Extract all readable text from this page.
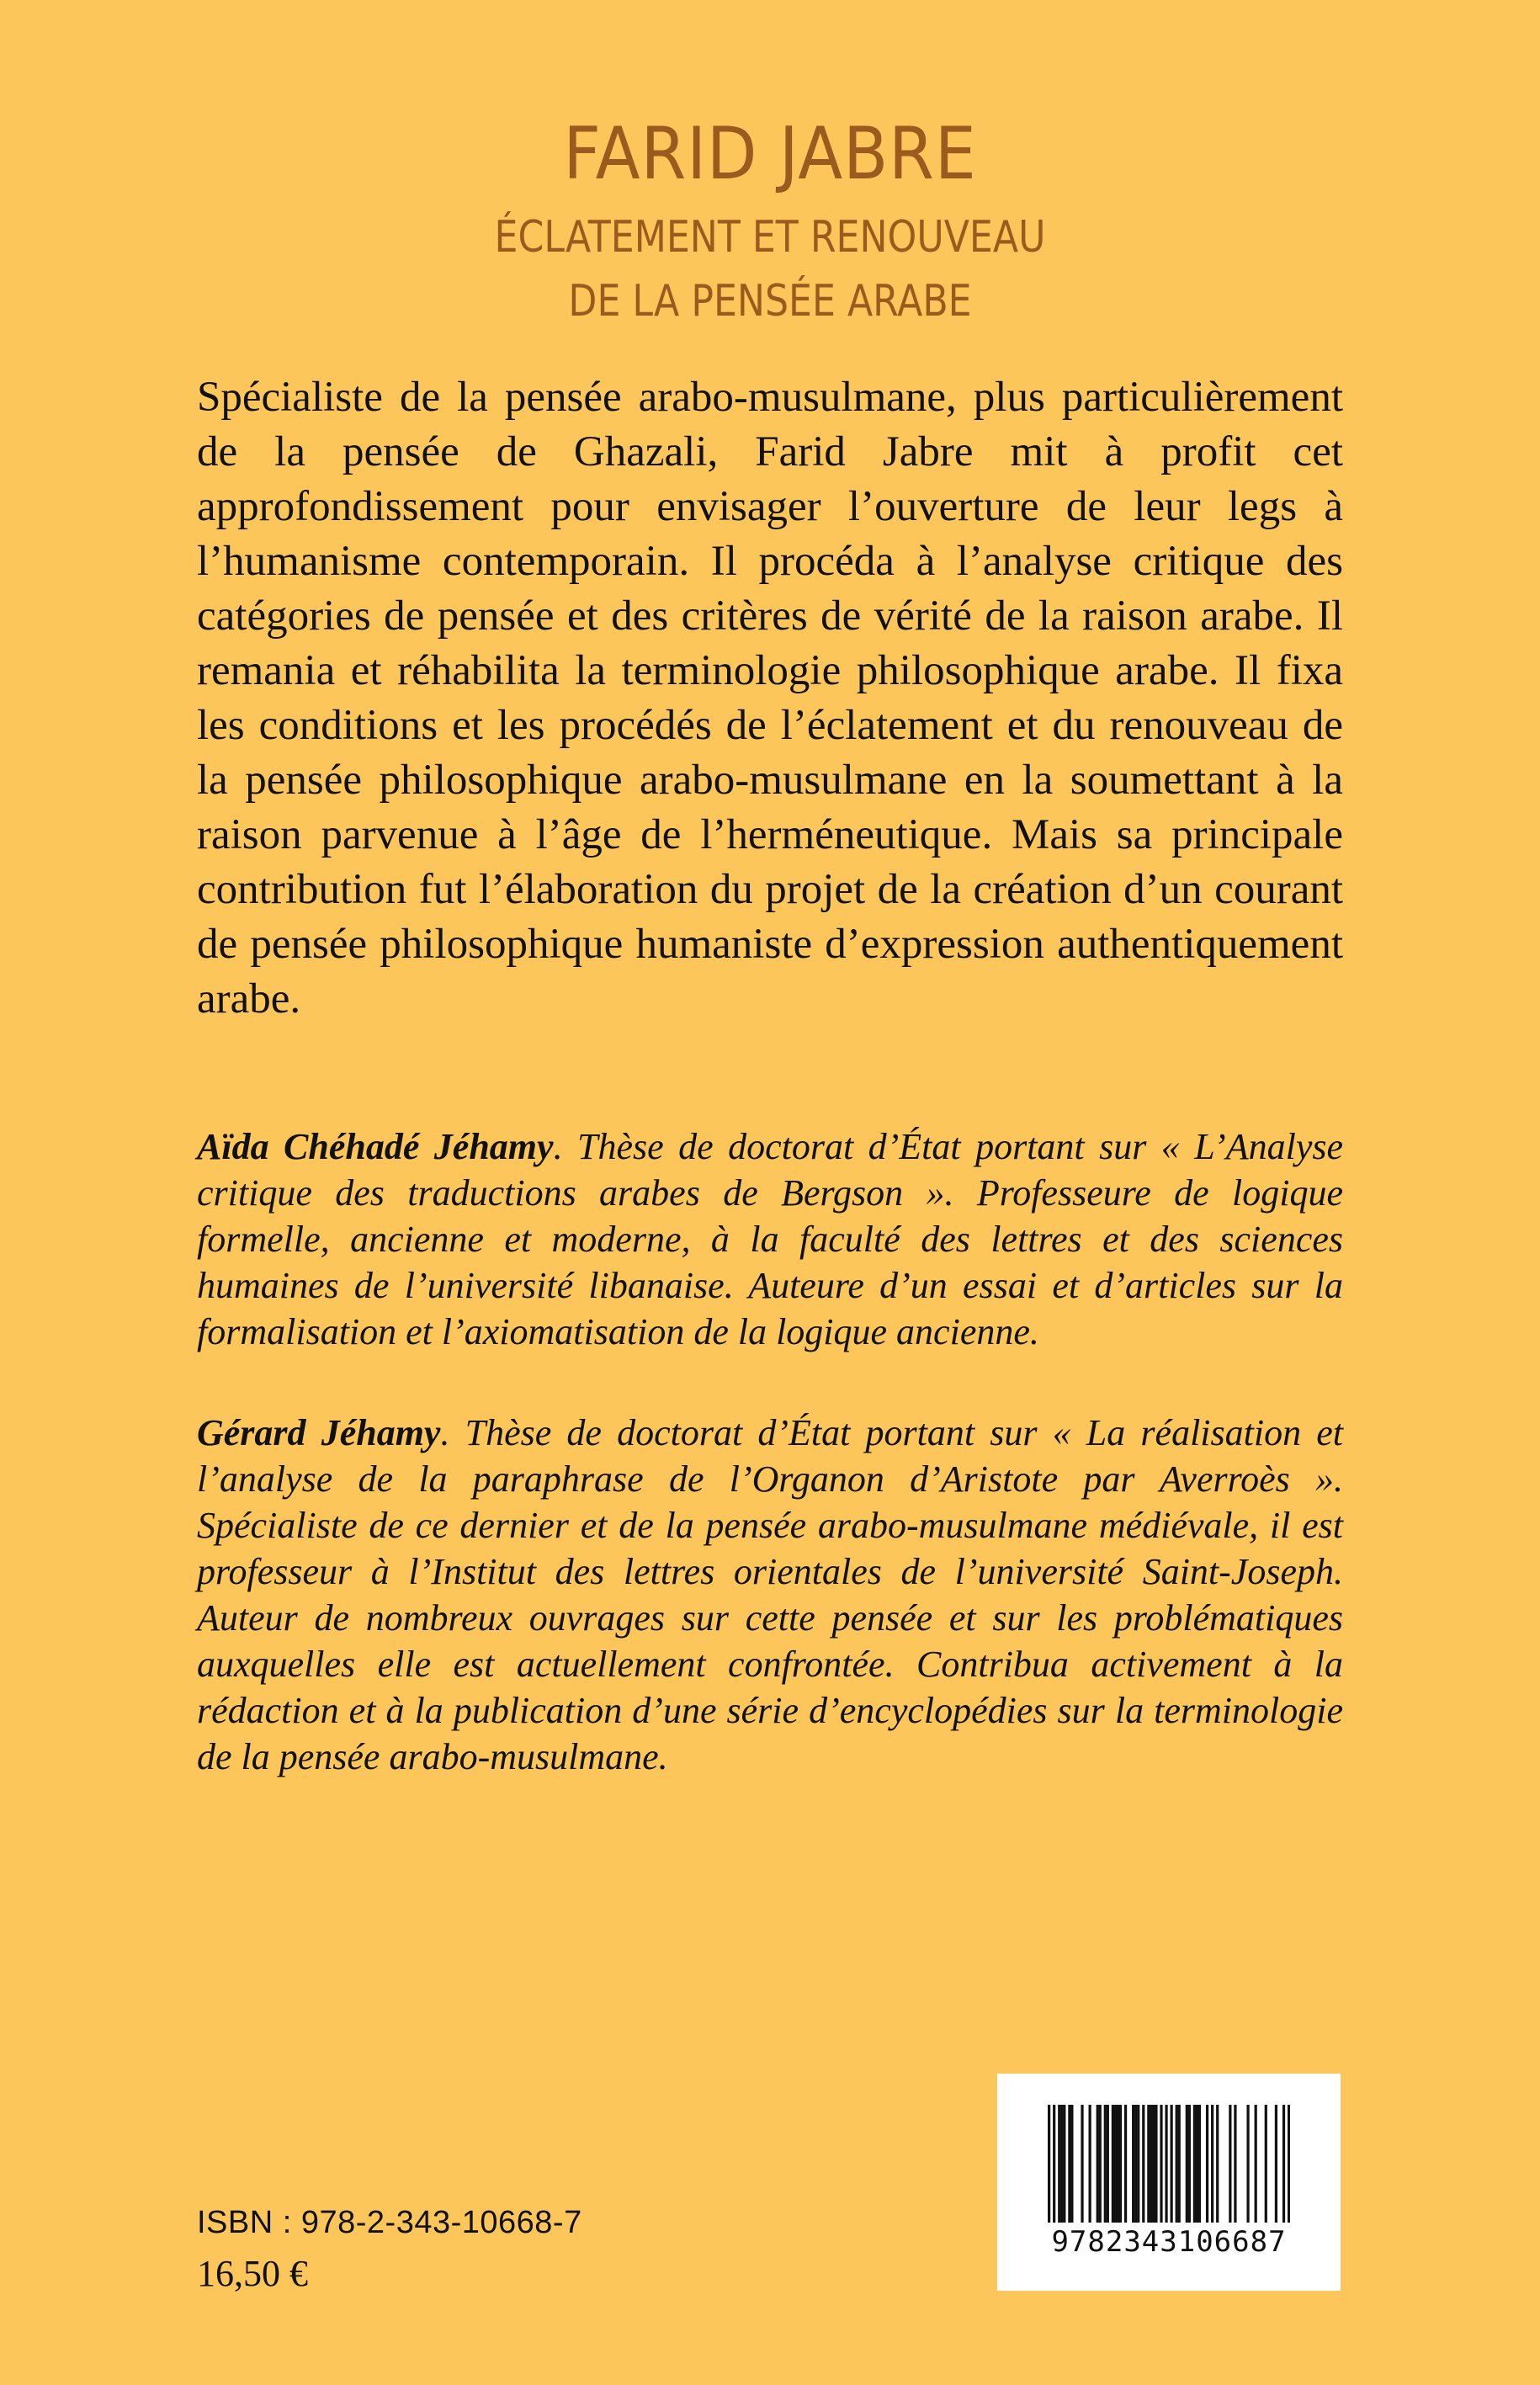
FARID JABRE
ÉCLATEMENT ET RENOUVEAU
DE LA PENSÉE ARABE

Spécialiste de la pensée arabo-musulmane, plus particulièrement de la pensée de Ghazali, Farid Jabre mit à profit cet approfondissement pour envisager l’ouverture de leur legs à l’humanisme contemporain. Il procéda à l’analyse critique des catégories de pensée et des critères de vérité de la raison arabe. Il remania et réhabilita la terminologie philosophique arabe. Il fixa les conditions et les procédés de l’éclatement et du renouveau de la pensée philosophique arabo-musulmane en la soumettant à la raison parvenue à l’âge de l’herméneutique. Mais sa principale contribution fut l’élaboration du projet de la création d’un courant de pensée philosophique humaniste d’expression authentiquement arabe.

Aïda Chéhadé Jéhamy. Thèse de doctorat d’État portant sur « L’Analyse critique des traductions arabes de Bergson ». Professeure de logique formelle, ancienne et moderne, à la faculté des lettres et des sciences humaines de l’université libanaise. Auteure d’un essai et d’articles sur la formalisation et l’axiomatisation de la logique ancienne.

Gérard Jéhamy. Thèse de doctorat d’État portant sur « La réalisation et l’analyse de la paraphrase de l’Organon d’Aristote par Averroès ». Spécialiste de ce dernier et de la pensée arabo-musulmane médiévale, il est professeur à l’Institut des lettres orientales de l’université Saint-Joseph. Auteur de nombreux ouvrages sur cette pensée et sur les problématiques auxquelles elle est actuellement confrontée. Contribua activement à la rédaction et à la publication d’une série d’encyclopédies sur la terminologie de la pensée arabo-musulmane.

ISBN : 978-2-343-10668-7
16,50 €
9782343106687
